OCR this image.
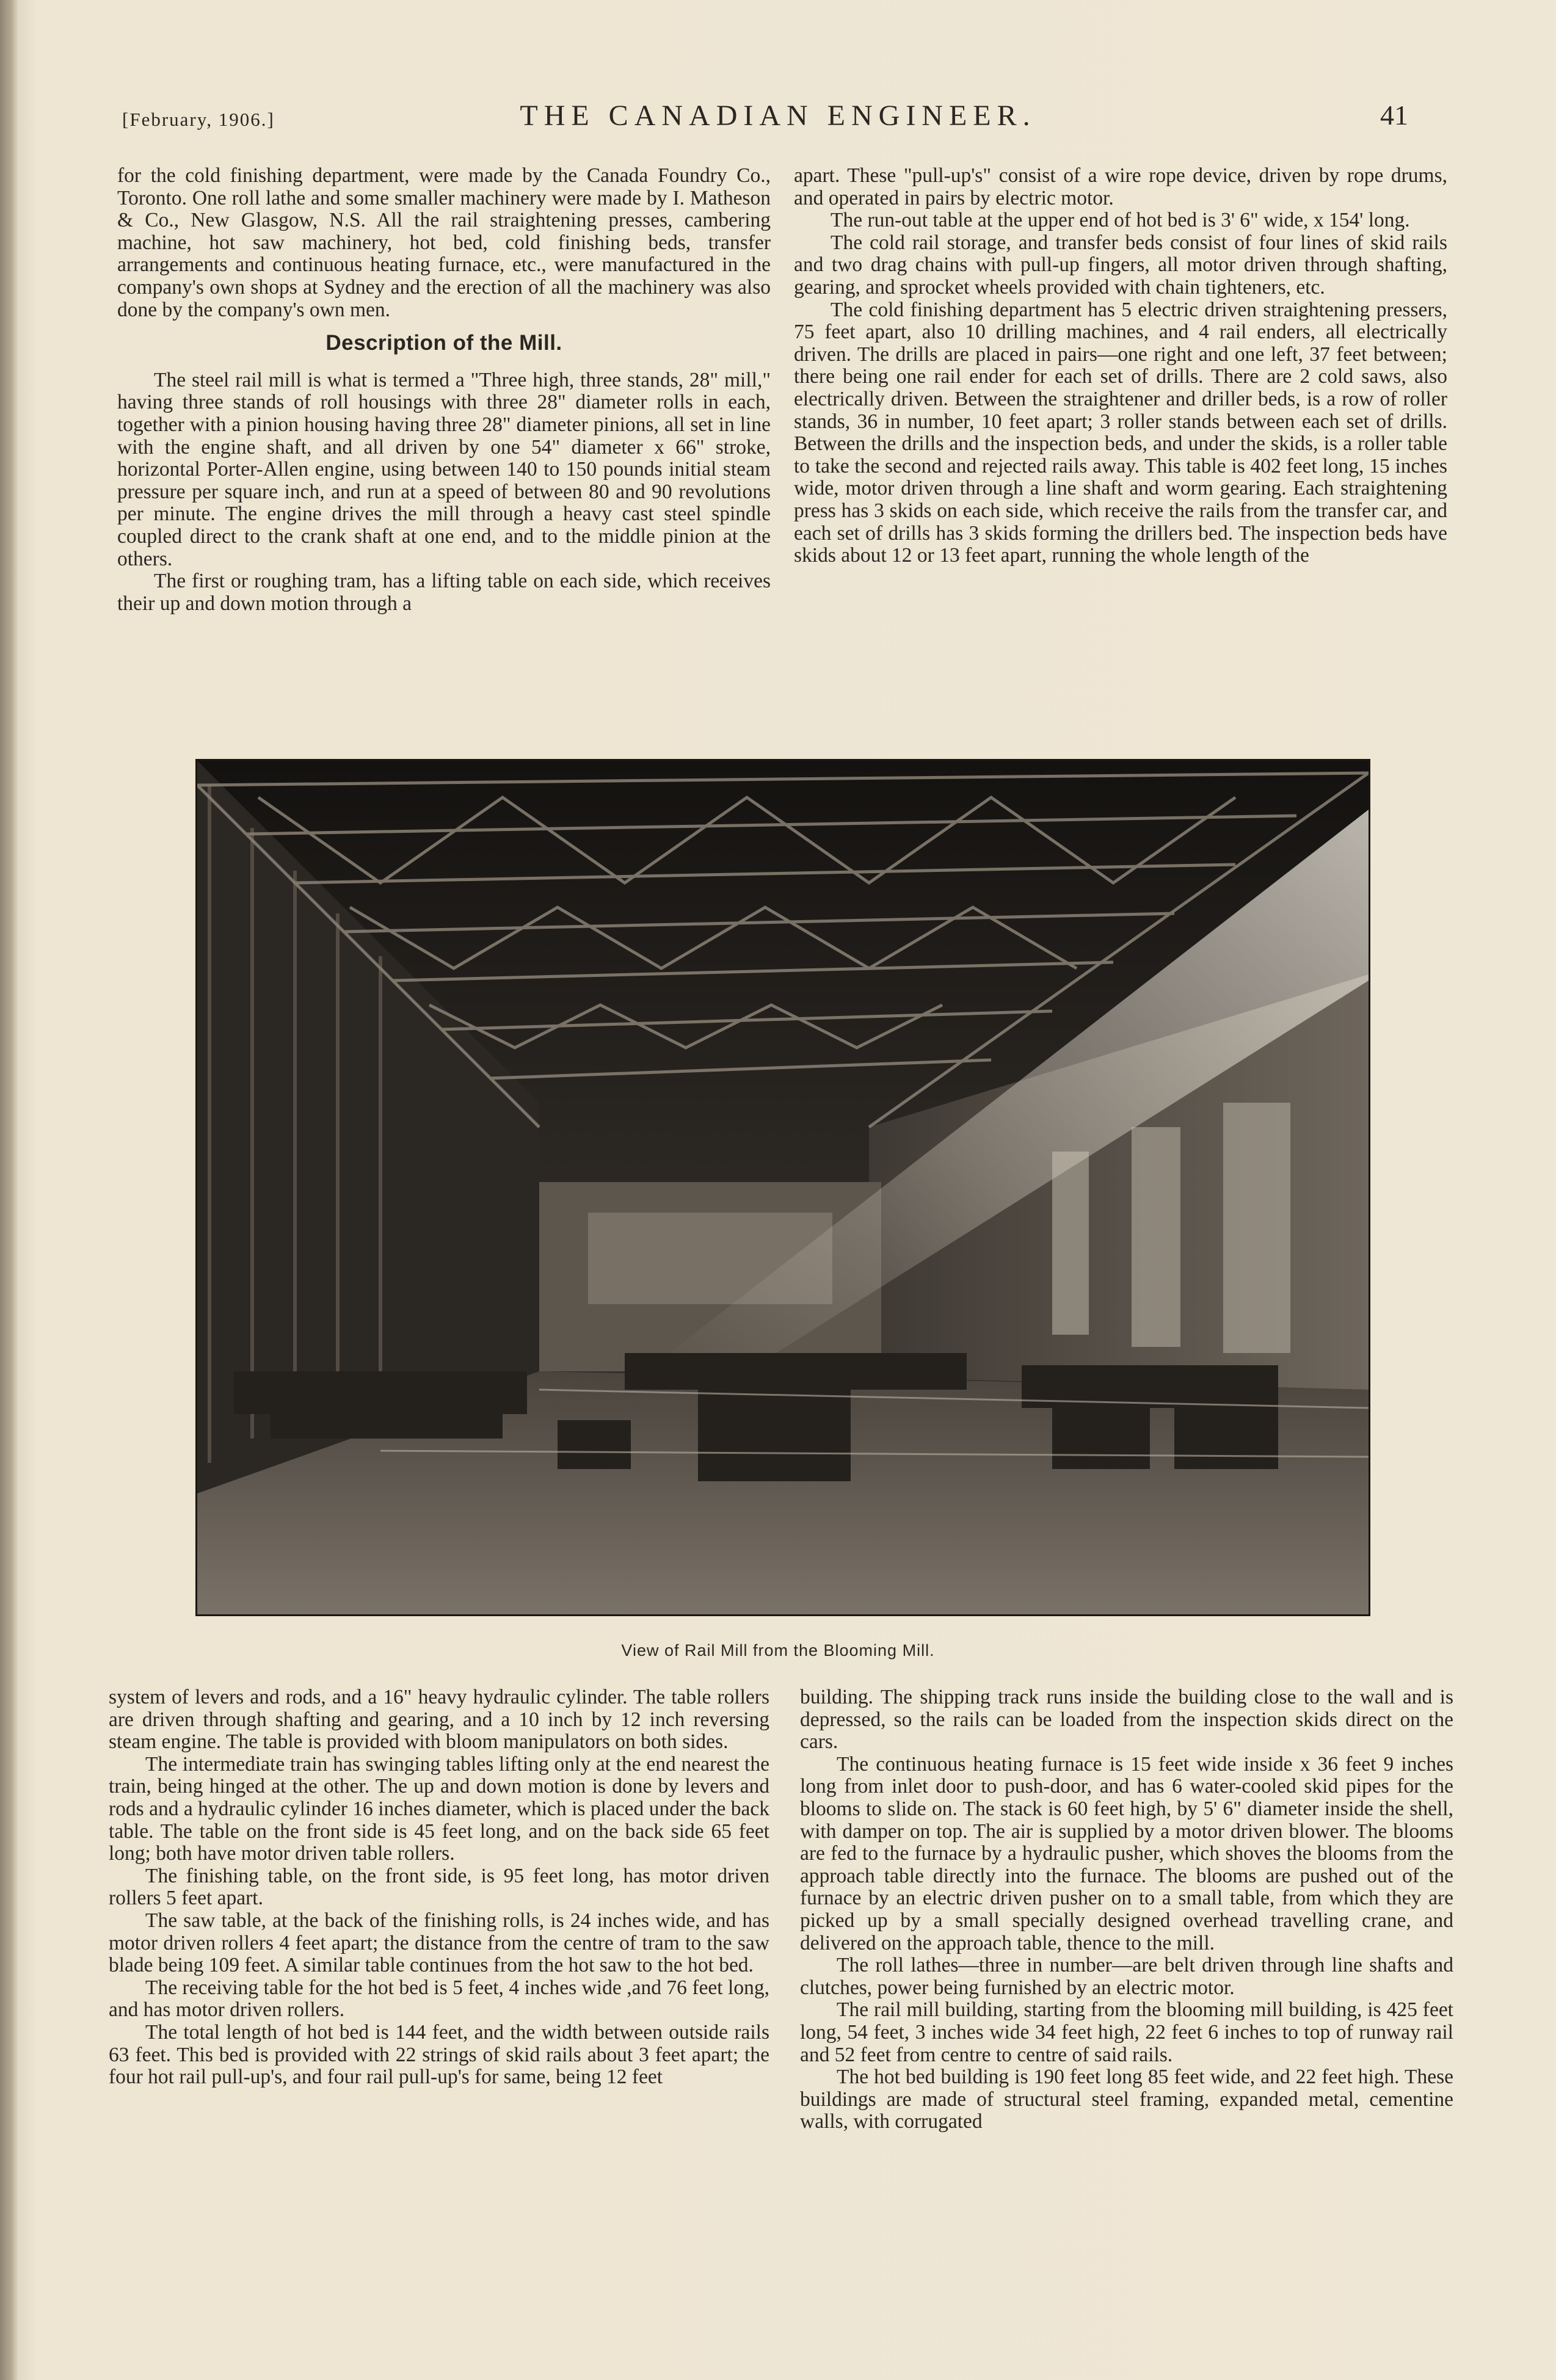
[February, 1906.]	THE CANADIAN ENGINEER.	41

for the cold finishing department, were made by the Canada Foundry Co., Toronto. One roll lathe and some smaller machinery were made by I. Matheson & Co., New Glasgow, N.S. All the rail straightening presses, cambering machine, hot saw machinery, hot bed, cold finishing beds, transfer arrangements and continuous heating furnace, etc., were manufactured in the company's own shops at Sydney and the erection of all the machinery was also done by the company's own men.

Description of the Mill.

The steel rail mill is what is termed a "Three high, three stands, 28" mill," having three stands of roll housings with three 28" diameter rolls in each, together with a pinion housing having three 28" diameter pinions, all set in line with the engine shaft, and all driven by one 54" diameter x 66" stroke, horizontal Porter-Allen engine, using between 140 to 150 pounds initial steam pressure per square inch, and run at a speed of between 80 and 90 revolutions per minute. The engine drives the mill through a heavy cast steel spindle coupled direct to the crank shaft at one end, and to the middle pinion at the others.

The first or roughing tram, has a lifting table on each side, which receives their up and down motion through a

apart. These "pull-up's" consist of a wire rope device, driven by rope drums, and operated in pairs by electric motor.

The run-out table at the upper end of hot bed is 3' 6" wide, x 154' long.

The cold rail storage, and transfer beds consist of four lines of skid rails and two drag chains with pull-up fingers, all motor driven through shafting, gearing, and sprocket wheels provided with chain tighteners, etc.

The cold finishing department has 5 electric driven straightening pressers, 75 feet apart, also 10 drilling machines, and 4 rail enders, all electrically driven. The drills are placed in pairs—one right and one left, 37 feet between; there being one rail ender for each set of drills. There are 2 cold saws, also electrically driven. Between the straightener and driller beds, is a row of roller stands, 36 in number, 10 feet apart; 3 roller stands between each set of drills. Between the drills and the inspection beds, and under the skids, is a roller table to take the second and rejected rails away. This table is 402 feet long, 15 inches wide, motor driven through a line shaft and worm gearing. Each straightening press has 3 skids on each side, which receive the rails from the transfer car, and each set of drills has 3 skids forming the drillers bed. The inspection beds have skids about 12 or 13 feet apart, running the whole length of the

View of Rail Mill from the Blooming Mill.

system of levers and rods, and a 16" heavy hydraulic cylinder. The table rollers are driven through shafting and gearing, and a 10 inch by 12 inch reversing steam engine. The table is provided with bloom manipulators on both sides.

The intermediate train has swinging tables lifting only at the end nearest the train, being hinged at the other. The up and down motion is done by levers and rods and a hydraulic cylinder 16 inches diameter, which is placed under the back table. The table on the front side is 45 feet long, and on the back side 65 feet long; both have motor driven table rollers.

The finishing table, on the front side, is 95 feet long, has motor driven rollers 5 feet apart.

The saw table, at the back of the finishing rolls, is 24 inches wide, and has motor driven rollers 4 feet apart; the distance from the centre of tram to the saw blade being 109 feet. A similar table continues from the hot saw to the hot bed.

The receiving table for the hot bed is 5 feet, 4 inches wide ,and 76 feet long, and has motor driven rollers.

The total length of hot bed is 144 feet, and the width between outside rails 63 feet. This bed is provided with 22 strings of skid rails about 3 feet apart; the four hot rail pull-up's, and four rail pull-up's for same, being 12 feet

building. The shipping track runs inside the building close to the wall and is depressed, so the rails can be loaded from the inspection skids direct on the cars.

The continuous heating furnace is 15 feet wide inside x 36 feet 9 inches long from inlet door to push-door, and has 6 water-cooled skid pipes for the blooms to slide on. The stack is 60 feet high, by 5' 6" diameter inside the shell, with damper on top. The air is supplied by a motor driven blower. The blooms are fed to the furnace by a hydraulic pusher, which shoves the blooms from the approach table directly into the furnace. The blooms are pushed out of the furnace by an electric driven pusher on to a small table, from which they are picked up by a small specially designed overhead travelling crane, and delivered on the approach table, thence to the mill.

The roll lathes—three in number—are belt driven through line shafts and clutches, power being furnished by an electric motor.

The rail mill building, starting from the blooming mill building, is 425 feet long, 54 feet, 3 inches wide 34 feet high, 22 feet 6 inches to top of runway rail and 52 feet from centre to centre of said rails.

The hot bed building is 190 feet long 85 feet wide, and 22 feet high. These buildings are made of structural steel framing, expanded metal, cementine walls, with corrugated
